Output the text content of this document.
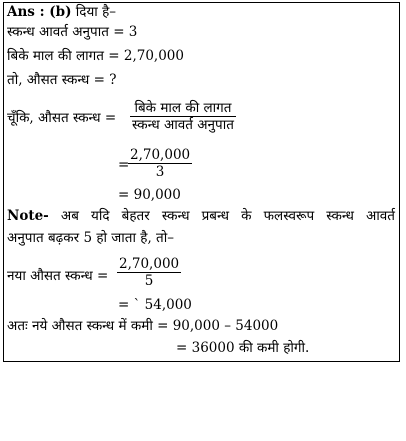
Ans : (b) दिया है–
स्कन्ध आवर्त अनुपात = 3
बिके माल की लागत = 2,70,000
तो, औसत स्कन्ध = ?
चूँकि, औसत स्कन्ध =
बिके माल की लागत
स्कन्ध आवर्त अनुपात
=
$\frac{2,70,000}{3}$
= 90,000
Note- अब यदि बेहतर स्कन्ध प्रबन्ध के फलस्वरूप स्कन्ध आवर्त
अनुपात बढ़कर 5 हो जाता है, तो–
नया औसत स्कन्ध = $\frac{2,70,000}{5}$
= ` 54,000
अतः नये औसत स्कन्ध में कमी = 90,000 – 54000
= 36000 की कमी होगी.
